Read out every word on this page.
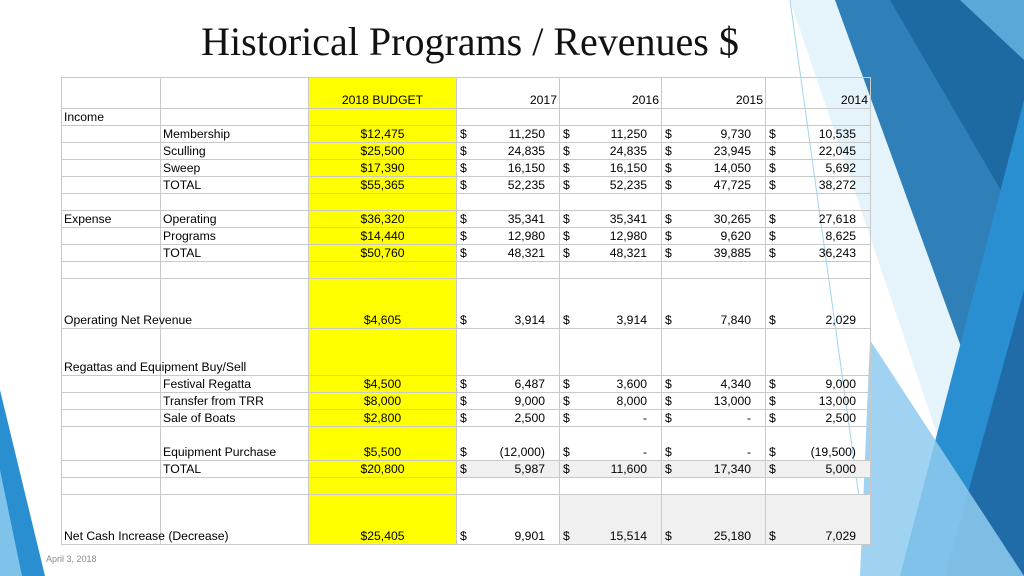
Historical Programs / Revenues $
		2018 BUDGET	2017	2016	2015	2014
Income						
	Membership	$12,475	$ 11,250	$ 11,250	$ 9,730	$ 10,535

	Sculling	$25,500	$ 24,835	$ 24,835	$ 23,945	$ 22,045

	Sweep	$17,390	$ 16,150	$ 16,150	$ 14,050	$ 5,692

	TOTAL	$55,365	$ 52,235	$ 52,235	$ 47,725	$ 38,272

Expense	Operating	$36,320	$ 35,341	$ 35,341	$ 30,265	$ 27,618

	Programs	$14,440	$ 12,980	$ 12,980	$ 9,620	$ 8,625

	TOTAL	$50,760	$ 48,321	$ 48,321	$ 39,885	$ 36,243

Operating Net Revenue		$4,605	$ 3,914	$ 3,914	$ 7,840	$ 2,029

Regattas and Equipment Buy/Sell						
	Festival Regatta	$4,500	$ 6,487	$ 3,600	$ 4,340	$ 9,000

	Transfer from TRR	$8,000	$ 9,000	$ 8,000	$ 13,000	$ 13,000

	Sale of Boats	$2,800	$ 2,500	$ -	$ -	$ 2,500

	Equipment Purchase	$5,500	$ (12,000)	$ -	$ -	$ (19,500)

	TOTAL	$20,800	$ 5,987	$ 11,600	$ 17,340	$ 5,000

Net Cash Increase (Decrease)		$25,405	$ 9,901	$ 15,514	$ 25,180	$ 7,029
April 3, 2018
